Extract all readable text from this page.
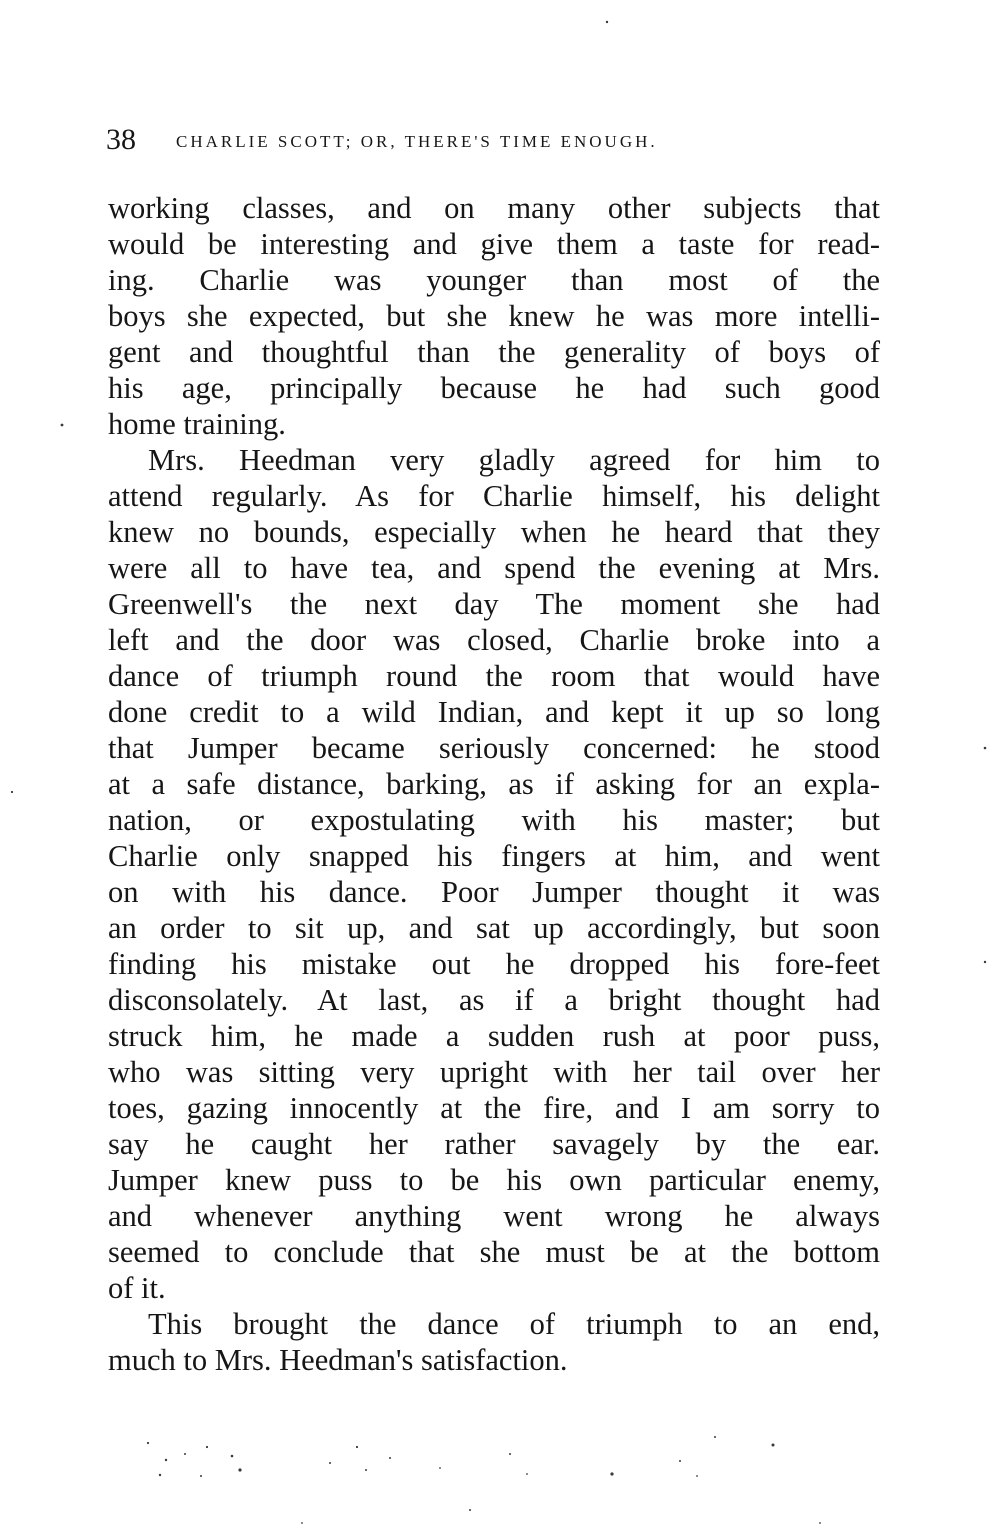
38 CHARLIE SCOTT; OR, THERE'S TIME ENOUGH.
working classes, and on many other subjects that
would be interesting and give them a taste for read-
ing. Charlie was younger than most of the
boys she expected, but she knew he was more intelli-
gent and thoughtful than the generality of boys of
his age, principally because he had such good
home training.
Mrs. Heedman very gladly agreed for him to
attend regularly. As for Charlie himself, his delight
knew no bounds, especially when he heard that they
were all to have tea, and spend the evening at Mrs.
Greenwell's the next day The moment she had
left and the door was closed, Charlie broke into a
dance of triumph round the room that would have
done credit to a wild Indian, and kept it up so long
that Jumper became seriously concerned: he stood
at a safe distance, barking, as if asking for an expla-
nation, or expostulating with his master; but
Charlie only snapped his fingers at him, and went
on with his dance. Poor Jumper thought it was
an order to sit up, and sat up accordingly, but soon
finding his mistake out he dropped his fore-feet
disconsolately. At last, as if a bright thought had
struck him, he made a sudden rush at poor puss,
who was sitting very upright with her tail over her
toes, gazing innocently at the fire, and I am sorry to
say he caught her rather savagely by the ear.
Jumper knew puss to be his own particular enemy,
and whenever anything went wrong he always
seemed to conclude that she must be at the bottom
of it.
This brought the dance of triumph to an end,
much to Mrs. Heedman's satisfaction.
